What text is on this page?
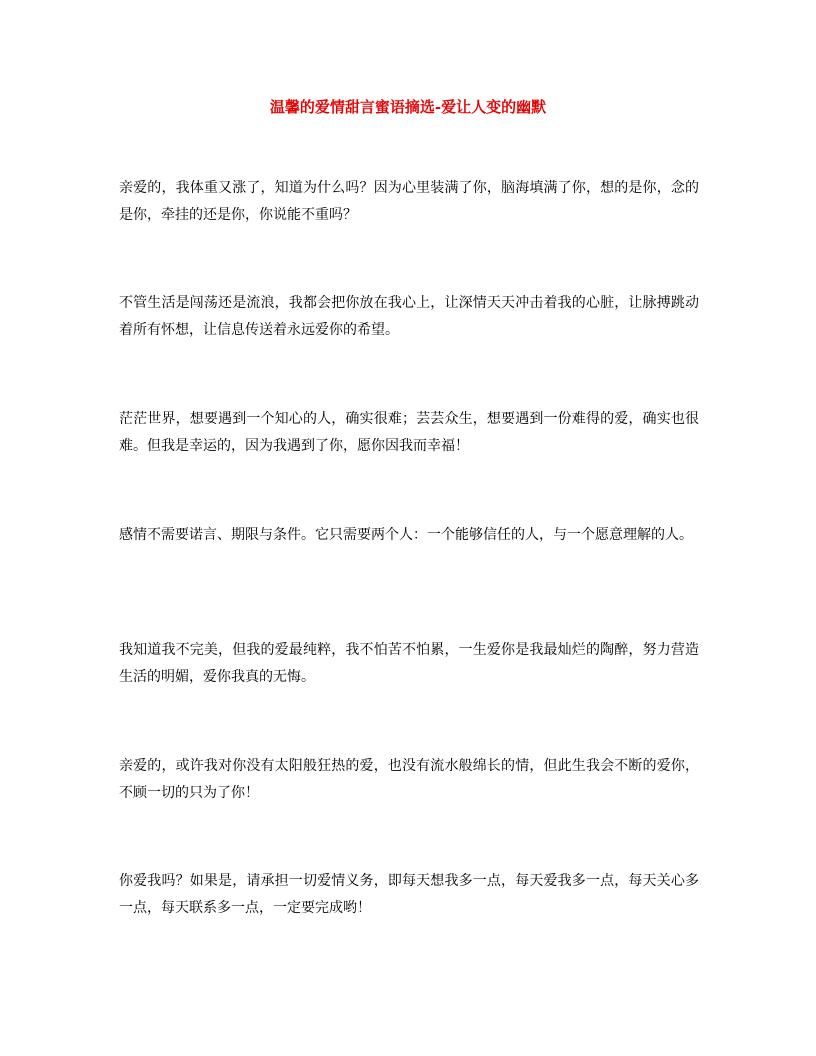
温馨的爱情甜言蜜语摘选-爱让人变的幽默

亲爱的，我体重又涨了，知道为什么吗？因为心里装满了你，脑海填满了你，想的是你，念的是你，牵挂的还是你，你说能不重吗？

不管生活是闯荡还是流浪，我都会把你放在我心上，让深情天天冲击着我的心脏，让脉搏跳动着所有怀想，让信息传送着永远爱你的希望。

茫茫世界，想要遇到一个知心的人，确实很难；芸芸众生，想要遇到一份难得的爱，确实也很难。但我是幸运的，因为我遇到了你，愿你因我而幸福！

感情不需要诺言、期限与条件。它只需要两个人：一个能够信任的人，与一个愿意理解的人。

我知道我不完美，但我的爱最纯粹，我不怕苦不怕累，一生爱你是我最灿烂的陶醉，努力营造生活的明媚，爱你我真的无悔。

亲爱的，或许我对你没有太阳般狂热的爱，也没有流水般绵长的情，但此生我会不断的爱你，不顾一切的只为了你！

你爱我吗？如果是，请承担一切爱情义务，即每天想我多一点，每天爱我多一点，每天关心多一点，每天联系多一点，一定要完成哟！
